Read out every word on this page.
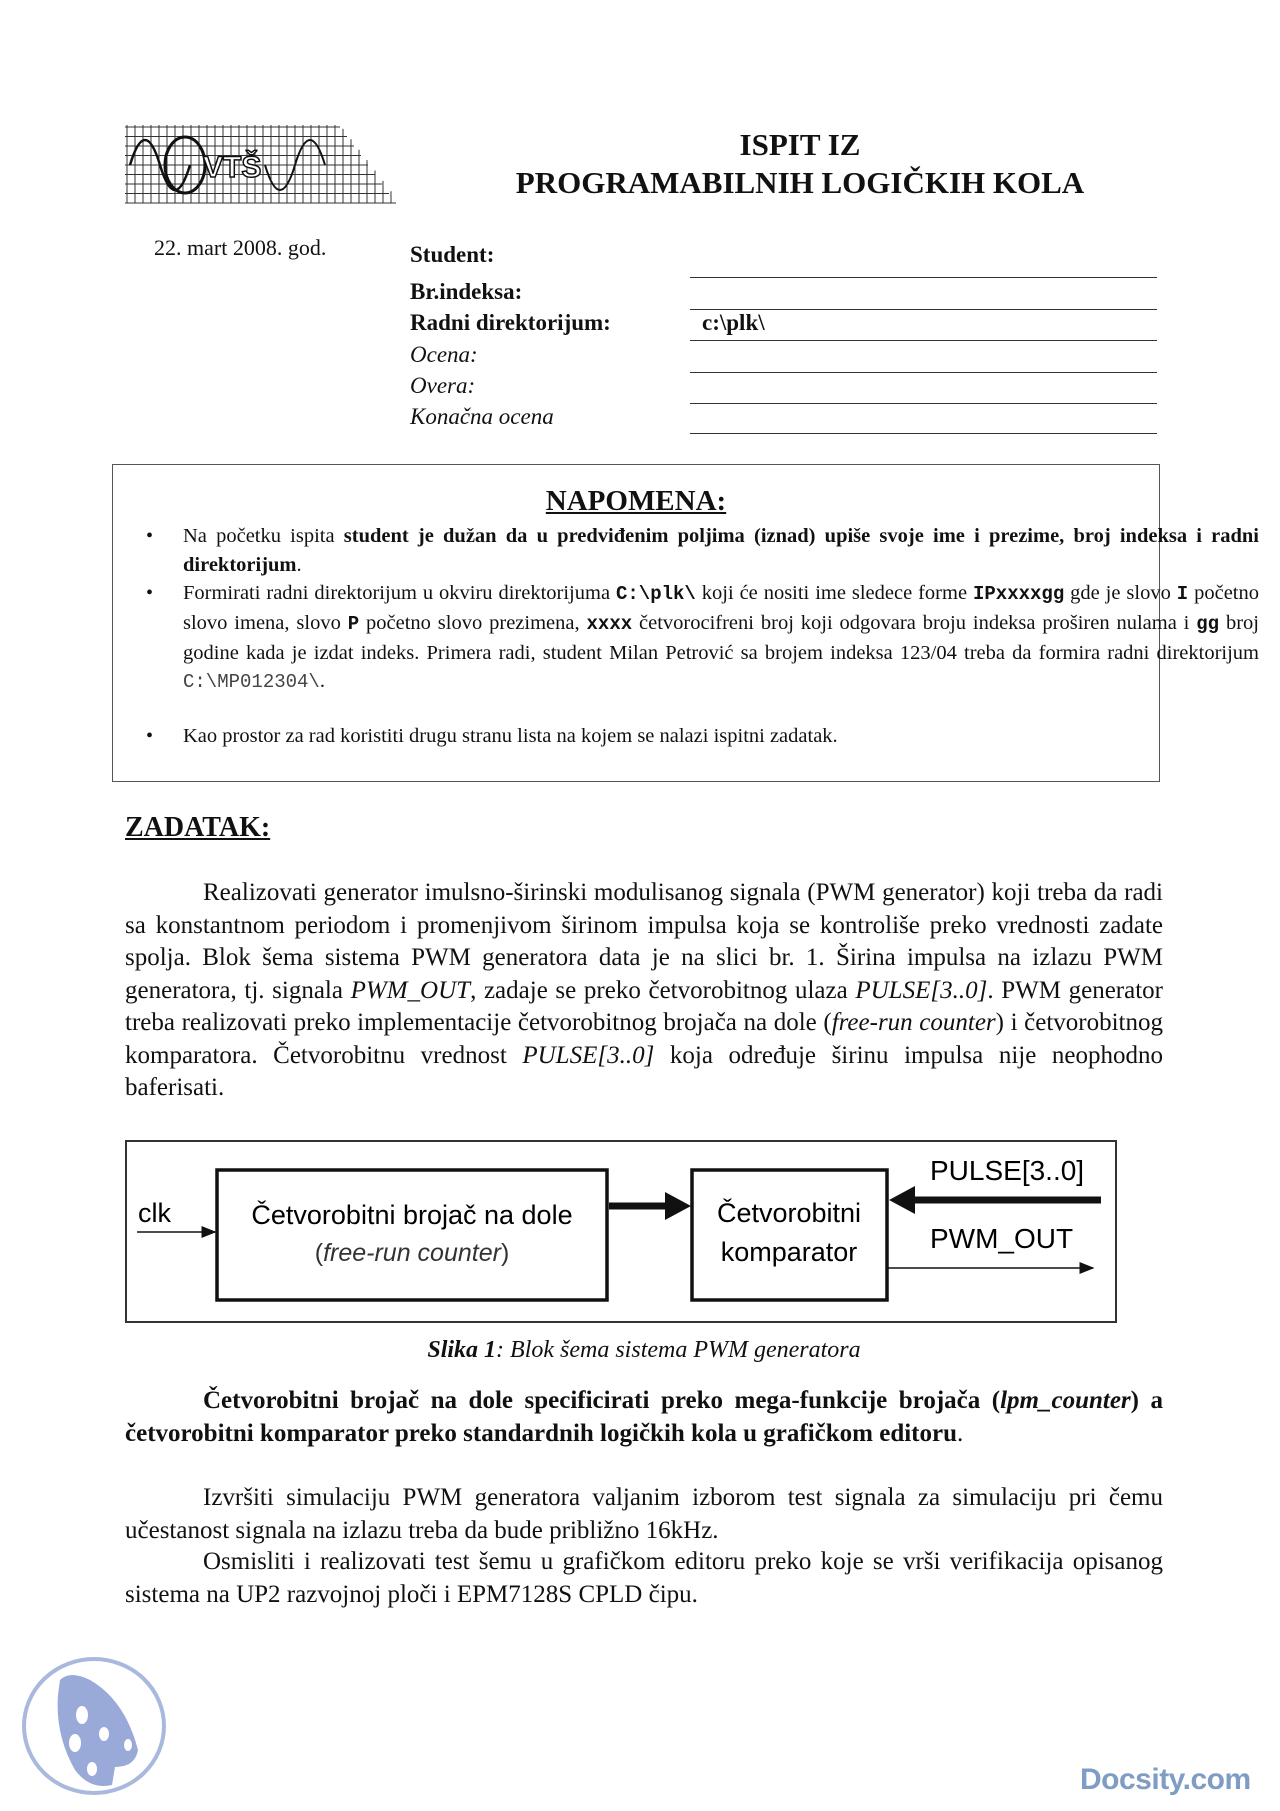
VTŠ
ISPIT IZ
PROGRAMABILNIH LOGIČKIH KOLA
22. mart 2008. god.	Student:
Br.indeksa:
Radni direktorijum:
Ocena:
Overa:
Konačna ocena
c:\plk\
NAPOMENA:
• Na početku ispita student je dužan da u predviđenim poljima (iznad) upiše svoje ime i prezime, broj indeksa i radni direktorijum.
• Formirati radni direktorijum u okviru direktorijuma C:\plk\ koji će nositi ime sledece forme IPxxxxgg gde je slovo I početno slovo imena, slovo P početno slovo prezimena, xxxx četvorocifreni broj koji odgovara broju indeksa proširen nulama i gg broj godine kada je izdat indeks. Primera radi, student Milan Petrović sa brojem indeksa 123/04 treba da formira radni direktorijum C:\MP012304\.
• Kao prostor za rad koristiti drugu stranu lista na kojem se nalazi ispitni zadatak.
ZADATAK:
Realizovati generator imulsno-širinski modulisanog signala (PWM generator) koji treba da radi sa konstantnom periodom i promenjivom širinom impulsa koja se kontroliše preko vrednosti zadate spolja. Blok šema sistema PWM generatora data je na slici br. 1. Širina impulsa na izlazu PWM generatora, tj. signala PWM_OUT, zadaje se preko četvorobitnog ulaza PULSE[3..0]. PWM generator treba realizovati preko implementacije četvorobitnog brojača na dole (free-run counter) i četvorobitnog komparatora. Četvorobitnu vrednost PULSE[3..0] koja određuje širinu impulsa nije neophodno baferisati.
clk	Četvorobitni brojač na dole
(free-run counter)
Četvorobitni
komparator
PULSE[3..0]
PWM_OUT
Slika 1: Blok šema sistema PWM generatora
Četvorobitni brojač na dole specificirati preko mega-funkcije brojača (lpm_counter) a četvorobitni komparator preko standardnih logičkih kola u grafičkom editoru.
Izvršiti simulaciju PWM generatora valjanim izborom test signala za simulaciju pri čemu učestanost signala na izlazu treba da bude približno 16kHz.
Osmisliti i realizovati test šemu u grafičkom editoru preko koje se vrši verifikacija opisanog sistema na UP2 razvojnoj ploči i EPM7128S CPLD čipu.
Docsity.com
